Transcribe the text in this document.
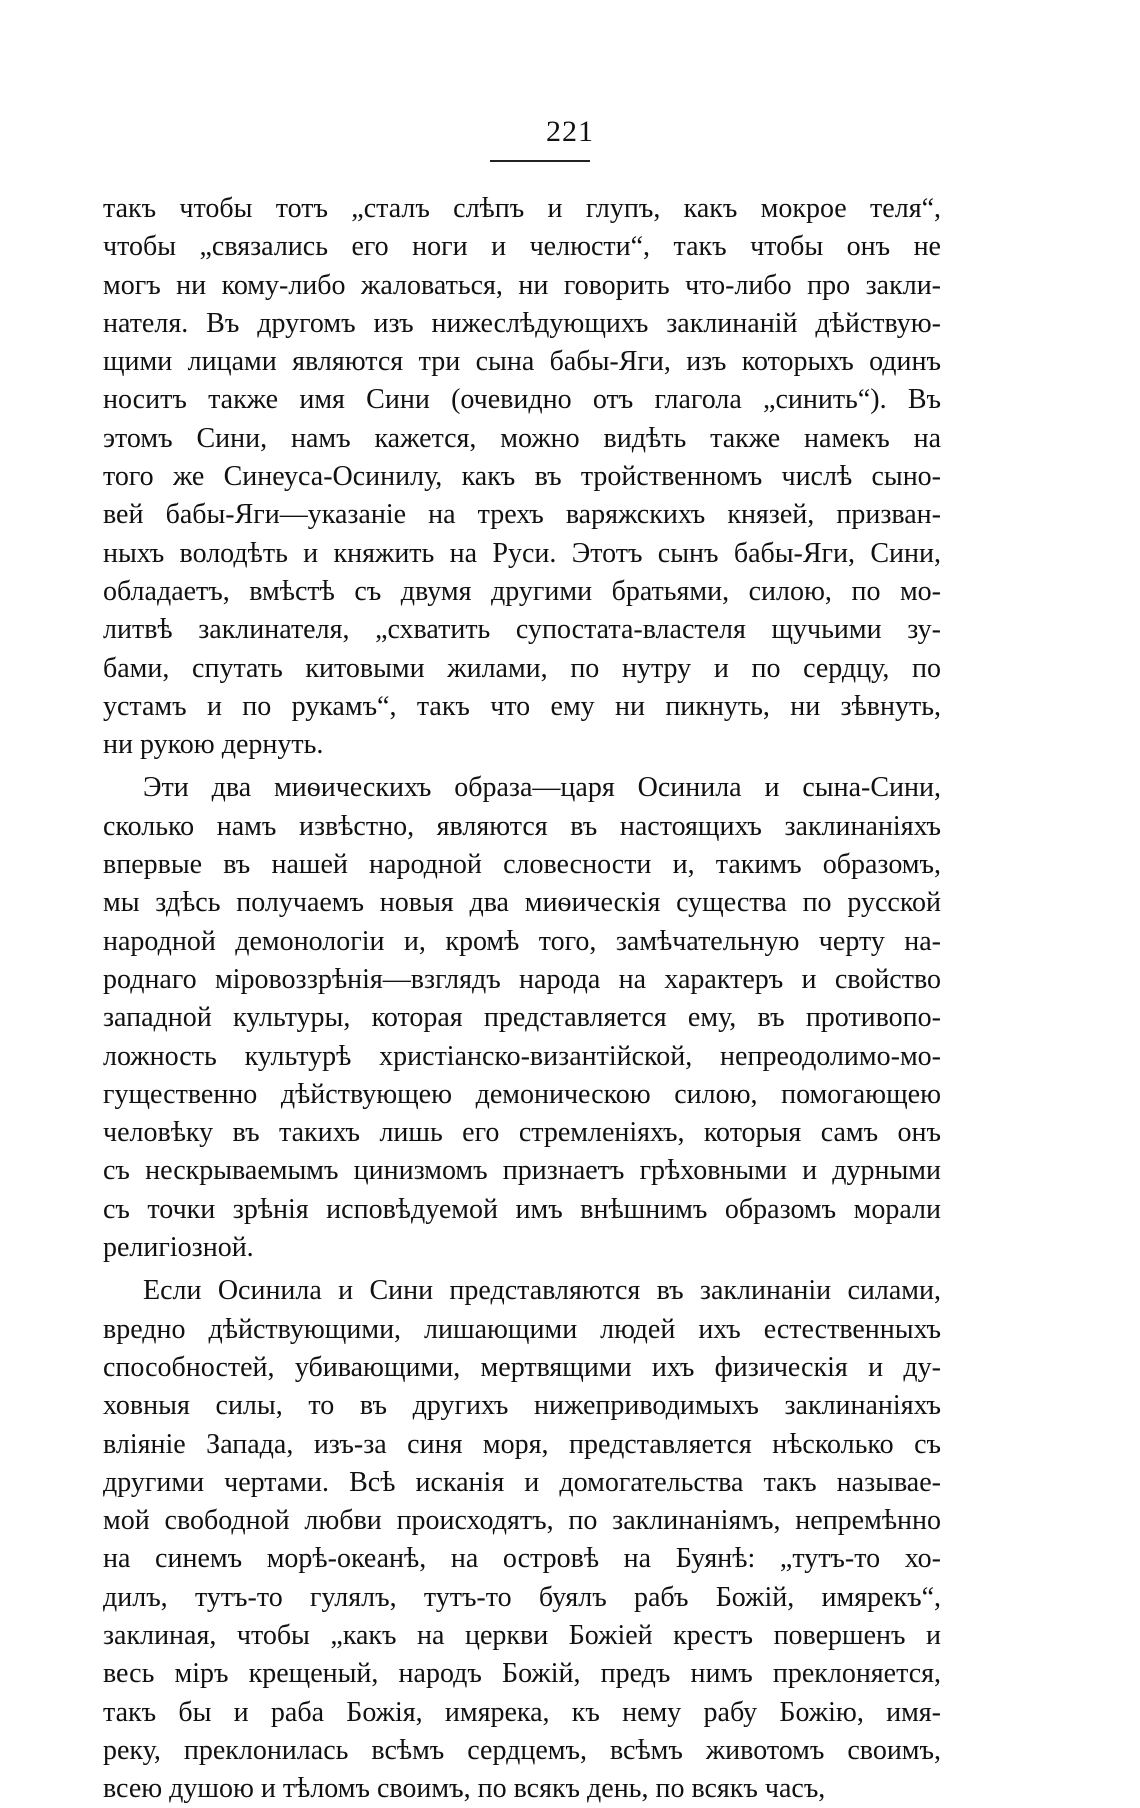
221
такъ чтобы тотъ „сталъ слѣпъ и глупъ, какъ мокрое теля“,
чтобы „связались его ноги и челюсти“, такъ чтобы онъ не
могъ ни кому-либо жаловаться, ни говорить что-либо про закли-
нателя. Въ другомъ изъ нижеслѣдующихъ заклинаній дѣйствую-
щими лицами являются три сына бабы-Яги, изъ которыхъ одинъ
носитъ также имя Сини (очевидно отъ глагола „синить“). Въ
этомъ Сини, намъ кажется, можно видѣть также намекъ на
того же Синеуса-Осинилу, какъ въ тройственномъ числѣ сыно-
вей бабы-Яги—указаніе на трехъ варяжскихъ князей, призван-
ныхъ володѣть и княжить на Руси. Этотъ сынъ бабы-Яги, Сини,
обладаетъ, вмѣстѣ съ двумя другими братьями, силою, по мо-
литвѣ заклинателя, „схватить супостата-властеля щучьими зу-
бами, спутать китовыми жилами, по нутру и по сердцу, по
устамъ и по рукамъ“, такъ что ему ни пикнуть, ни зѣвнуть,
ни рукою дернуть.
Эти два миѳическихъ образа—царя Осинила и сына-Сини,
сколько намъ извѣстно, являются въ настоящихъ заклинаніяхъ
впервые въ нашей народной словесности и, такимъ образомъ,
мы здѣсь получаемъ новыя два миѳическія существа по русской
народной демонологіи и, кромѣ того, замѣчательную черту на-
роднаго міровоззрѣнія—взглядъ народа на характеръ и свойство
западной культуры, которая представляется ему, въ противопо-
ложность культурѣ христіанско-византійской, непреодолимо-мо-
гущественно дѣйствующею демоническою силою, помогающею
человѣку въ такихъ лишь его стремленіяхъ, которыя самъ онъ
съ нескрываемымъ цинизмомъ признаетъ грѣховными и дурными
съ точки зрѣнія исповѣдуемой имъ внѣшнимъ образомъ морали
религіозной.
Если Осинила и Сини представляются въ заклинаніи силами,
вредно дѣйствующими, лишающими людей ихъ естественныхъ
способностей, убивающими, мертвящими ихъ физическія и ду-
ховныя силы, то въ другихъ нижеприводимыхъ заклинаніяхъ
вліяніе Запада, изъ-за синя моря, представляется нѣсколько съ
другими чертами. Всѣ исканія и домогательства такъ называе-
мой свободной любви происходятъ, по заклинаніямъ, непремѣнно
на синемъ морѣ-океанѣ, на островѣ на Буянѣ: „тутъ-то хо-
дилъ, тутъ-то гулялъ, тутъ-то буялъ рабъ Божій, имярекъ“,
заклиная, чтобы „какъ на церкви Божіей крестъ повершенъ и
весь міръ крещеный, народъ Божій, предъ нимъ преклоняется,
такъ бы и раба Божія, имярека, къ нему рабу Божію, имя-
реку, преклонилась всѣмъ сердцемъ, всѣмъ животомъ своимъ,
всею душою и тѣломъ своимъ, по всякъ день, по всякъ часъ,
